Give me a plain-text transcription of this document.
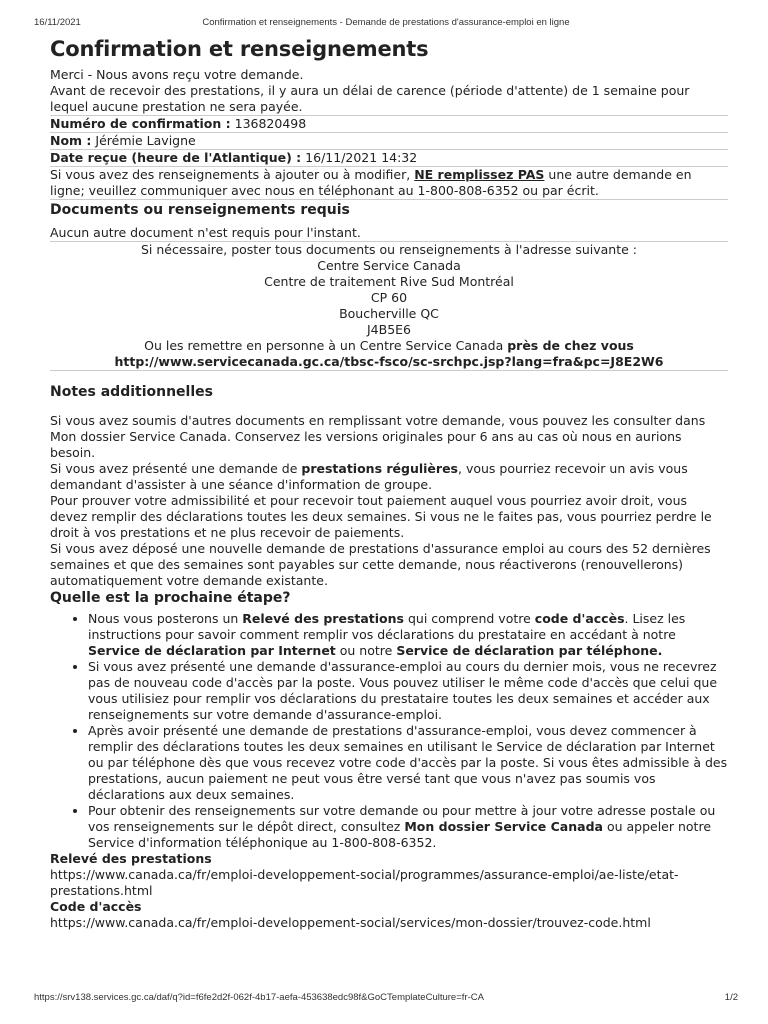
16/11/2021	Confirmation et renseignements - Demande de prestations d'assurance-emploi en ligne
Confirmation et renseignements

Merci - Nous avons reçu votre demande.

Avant de recevoir des prestations, il y aura un délai de carence (période d'attente) de 1 semaine pour lequel aucune prestation ne sera payée.

Numéro de confirmation : 136820498
Nom : Jérémie Lavigne
Date reçue (heure de l'Atlantique) : 16/11/2021 14:32
Si vous avez des renseignements à ajouter ou à modifier, NE remplissez PAS une autre demande en ligne; veuillez communiquer avec nous en téléphonant au 1-800-808-6352 ou par écrit.
Documents ou renseignements requis

Aucun autre document n'est requis pour l'instant.

Si nécessaire, poster tous documents ou renseignements à l'adresse suivante :

Centre Service Canada

Centre de traitement Rive Sud Montréal

CP 60

Boucherville QC

J4B5E6

Ou les remettre en personne à un Centre Service Canada près de chez vous

http://www.servicecanada.gc.ca/tbsc-fsco/sc-srchpc.jsp?lang=fra&pc=J8E2W6

Notes additionnelles

Si vous avez soumis d'autres documents en remplissant votre demande, vous pouvez les consulter dans Mon dossier Service Canada. Conservez les versions originales pour 6 ans au cas où nous en aurions besoin.

Si vous avez présenté une demande de prestations régulières, vous pourriez recevoir un avis vous demandant d'assister à une séance d'information de groupe.

Pour prouver votre admissibilité et pour recevoir tout paiement auquel vous pourriez avoir droit, vous devez remplir des déclarations toutes les deux semaines. Si vous ne le faites pas, vous pourriez perdre le droit à vos prestations et ne plus recevoir de paiements.

Si vous avez déposé une nouvelle demande de prestations d'assurance emploi au cours des 52 dernières semaines et que des semaines sont payables sur cette demande, nous réactiverons (renouvellerons) automatiquement votre demande existante.

Quelle est la prochaine étape?
• Nous vous posterons un Relevé des prestations qui comprend votre code d'accès. Lisez les instructions pour savoir comment remplir vos déclarations du prestataire en accédant à notre Service de déclaration par Internet ou notre Service de déclaration par téléphone.
• Si vous avez présenté une demande d'assurance-emploi au cours du dernier mois, vous ne recevrez pas de nouveau code d'accès par la poste. Vous pouvez utiliser le même code d'accès que celui que vous utilisiez pour remplir vos déclarations du prestataire toutes les deux semaines et accéder aux renseignements sur votre demande d'assurance-emploi.
• Après avoir présenté une demande de prestations d'assurance-emploi, vous devez commencer à remplir des déclarations toutes les deux semaines en utilisant le Service de déclaration par Internet ou par téléphone dès que vous recevez votre code d'accès par la poste. Si vous êtes admissible à des prestations, aucun paiement ne peut vous être versé tant que vous n'avez pas soumis vos déclarations aux deux semaines.
• Pour obtenir des renseignements sur votre demande ou pour mettre à jour votre adresse postale ou vos renseignements sur le dépôt direct, consultez Mon dossier Service Canada ou appeler notre Service d'information téléphonique au 1-800-808-6352.

Relevé des prestations

https://www.canada.ca/fr/emploi-developpement-social/programmes/assurance-emploi/ae-liste/etat-prestations.html

Code d'accès

https://www.canada.ca/fr/emploi-developpement-social/services/mon-dossier/trouvez-code.html

https://srv138.services.gc.ca/daf/q?id=f6fe2d2f-062f-4b17-aefa-453638edc98f&GoCTemplateCulture=fr-CA	1/2
